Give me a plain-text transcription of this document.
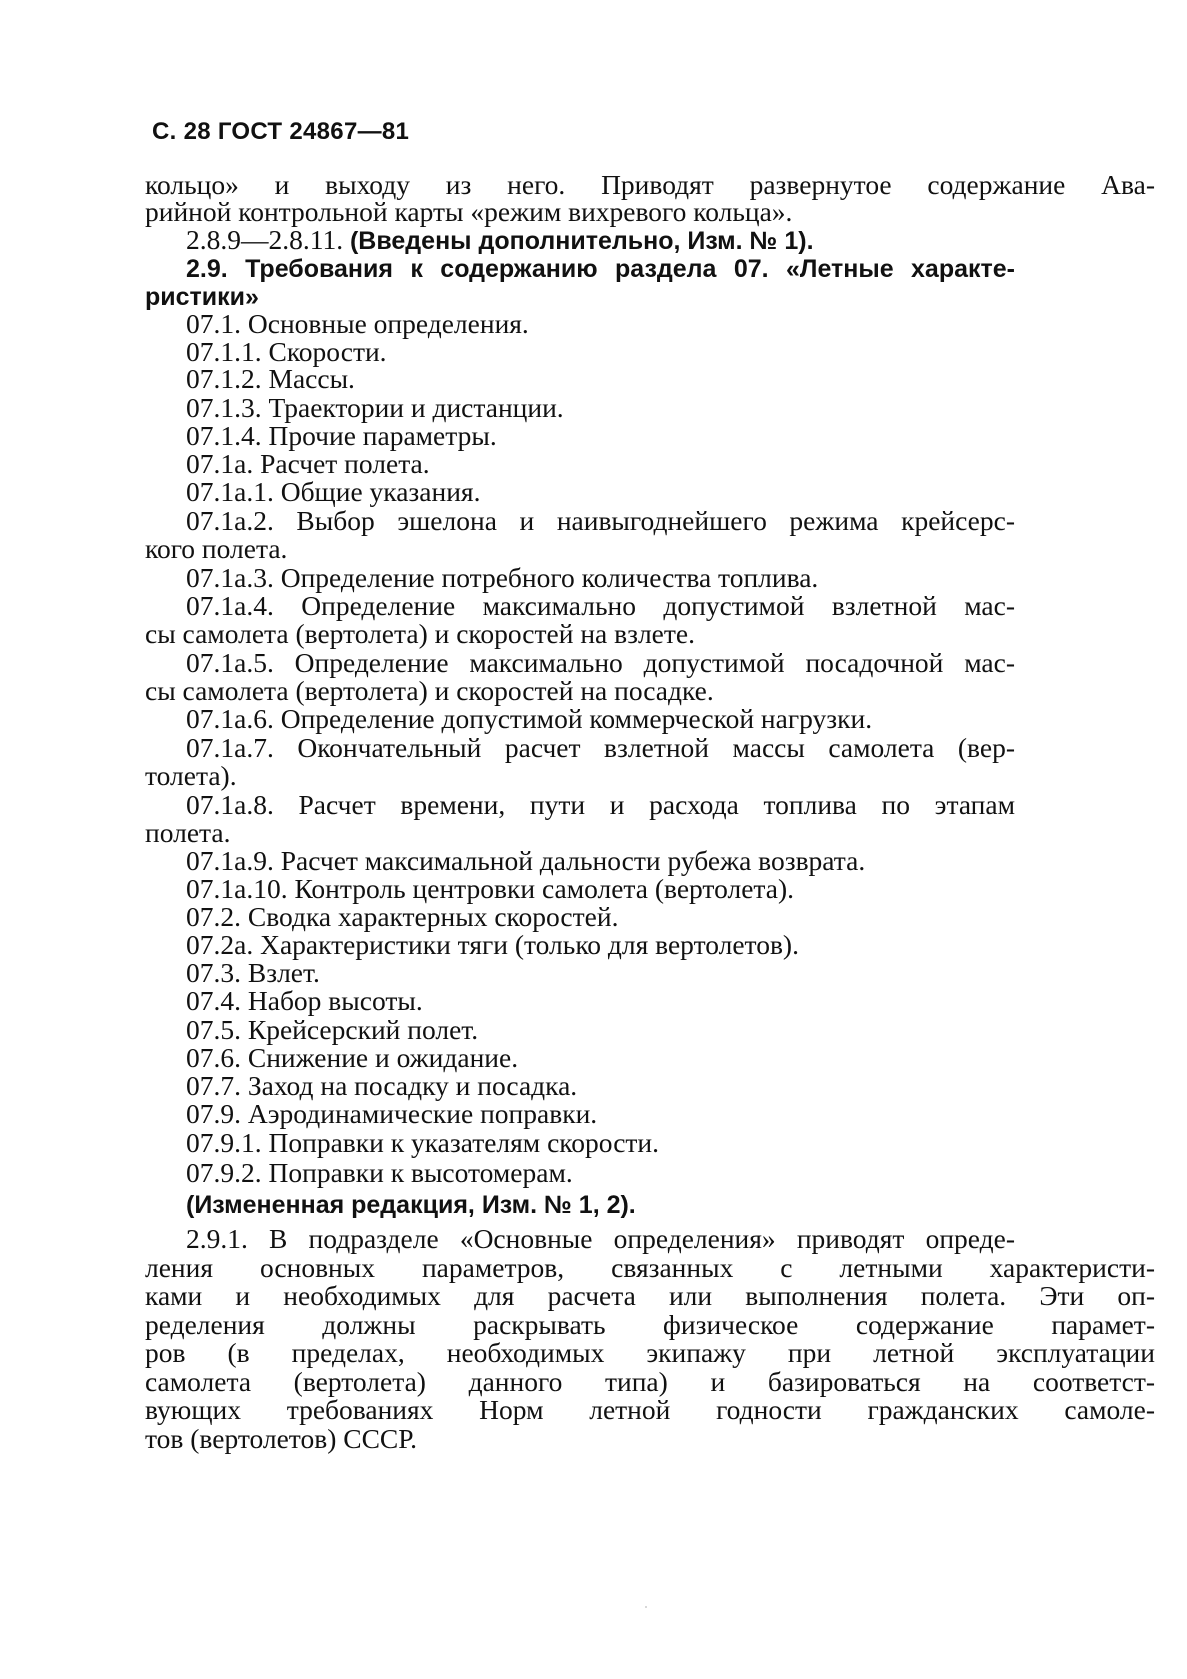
С. 28 ГОСТ 24867—81
кольцо» и выходу из него. Приводят развернутое содержание Ава-
рийной контрольной карты «режим вихревого кольца».
2.8.9—2.8.11. (Введены дополнительно, Изм. № 1).
2.9. Требования к содержанию раздела 07. «Летные характе-
ристики»
07.1. Основные определения.
07.1.1. Скорости.
07.1.2. Массы.
07.1.3. Траектории и дистанции.
07.1.4. Прочие параметры.
07.1а. Расчет полета.
07.1а.1. Общие указания.
07.1а.2. Выбор эшелона и наивыгоднейшего режима крейсерс-
кого полета.
07.1а.3. Определение потребного количества топлива.
07.1а.4. Определение максимально допустимой взлетной мас-
сы самолета (вертолета) и скоростей на взлете.
07.1а.5. Определение максимально допустимой посадочной мас-
сы самолета (вертолета) и скоростей на посадке.
07.1а.6. Определение допустимой коммерческой нагрузки.
07.1а.7. Окончательный расчет взлетной массы самолета (вер-
толета).
07.1а.8. Расчет времени, пути и расхода топлива по этапам
полета.
07.1а.9. Расчет максимальной дальности рубежа возврата.
07.1а.10. Контроль центровки самолета (вертолета).
07.2. Сводка характерных скоростей.
07.2а. Характеристики тяги (только для вертолетов).
07.3. Взлет.
07.4. Набор высоты.
07.5. Крейсерский полет.
07.6. Снижение и ожидание.
07.7. Заход на посадку и посадка.
07.9. Аэродинамические поправки.
07.9.1. Поправки к указателям скорости.
07.9.2. Поправки к высотомерам.
(Измененная редакция, Изм. № 1, 2).
2.9.1. В подразделе «Основные определения» приводят опреде-
ления основных параметров, связанных с летными характеристи-
ками и необходимых для расчета или выполнения полета. Эти оп-
ределения должны раскрывать физическое содержание парамет-
ров (в пределах, необходимых экипажу при летной эксплуатации
самолета (вертолета) данного типа) и базироваться на соответст-
вующих требованиях Норм летной годности гражданских самоле-
тов (вертолетов) СССР.
